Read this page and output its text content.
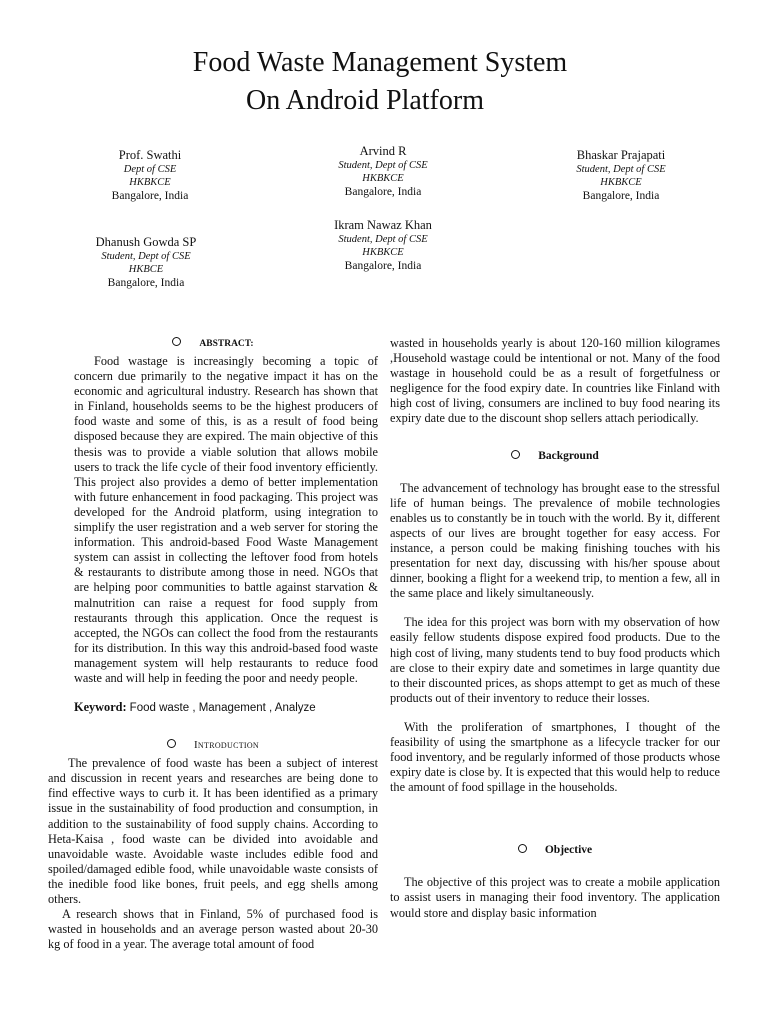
Food Waste Management System
On Android Platform
Prof. Swathi
Dept of CSE
HKBKCE
Bangalore, India
Arvind R
Student, Dept of CSE
HKBKCE
Bangalore, India
Bhaskar Prajapati
Student, Dept of CSE
HKBKCE
Bangalore, India
Ikram Nawaz Khan
Student, Dept of CSE
HKBKCE
Bangalore, India
Dhanush Gowda SP
Student, Dept of CSE
HKBCE
Bangalore, India
ABSTRACT:

Food wastage is increasingly becoming a topic of concern due primarily to the negative impact it has on the economic and agricultural industry. Research has shown that in Finland, households seems to be the highest producers of food waste and some of this, is as a result of food being disposed because they are expired. The main objective of this thesis was to provide a viable solution that allows mobile users to track the life cycle of their food inventory efficiently. This project also provides a demo of better implementation with future enhancement in food packaging. This project was developed for the Android platform, using integration to simplify the user registration and a web server for storing the information. This android-based Food Waste Management system can assist in collecting the leftover food from hotels & restaurants to distribute among those in need. NGOs that are helping poor communities to battle against starvation & malnutrition can raise a request for food supply from restaurants through this application. Once the request is accepted, the NGOs can collect the food from the restaurants for its distribution. In this way this android-based food waste management system will help restaurants to reduce food waste and will help in feeding the poor and needy people.

Keyword: Food waste , Management , Analyze

Introduction

The prevalence of food waste has been a subject of interest and discussion in recent years and researches are being done to find effective ways to curb it. It has been identified as a primary issue in the sustainability of food production and consumption, in addition to the sustainability of food supply chains. According to Heta-Kaisa , food waste can be divided into avoidable and unavoidable waste. Avoidable waste includes edible food and spoiled/damaged edible food, while unavoidable waste consists of the inedible food like bones, fruit peels, and egg shells among others.

A research shows that in Finland, 5% of purchased food is wasted in households and an average person wasted about 20-30 kg of food in a year. The average total amount of food

wasted in households yearly is about 120-160 million kilogrames ,Household wastage could be intentional or not. Many of the food wastage in household could be as a result of forgetfulness or negligence for the food expiry date. In countries like Finland with high cost of living, consumers are inclined to buy food nearing its expiry date due to the discount shop sellers attach periodically.

Background

The advancement of technology has brought ease to the stressful life of human beings. The prevalence of mobile technologies enables us to constantly be in touch with the world. By it, different aspects of our lives are brought together for easy access. For instance, a person could be making finishing touches with his presentation for next day, discussing with his/her spouse about dinner, booking a flight for a weekend trip, to mention a few, all in the same place and likely simultaneously.

The idea for this project was born with my observation of how easily fellow students dispose expired food products. Due to the high cost of living, many students tend to buy food products which are close to their expiry date and sometimes in large quantity due to their discounted prices, as shops attempt to get as much of these products out of their inventory to reduce their losses.

With the proliferation of smartphones, I thought of the feasibility of using the smartphone as a lifecycle tracker for our food inventory, and be regularly informed of those products whose expiry date is close by. It is expected that this would help to reduce the amount of food spillage in the households.

Objective

The objective of this project was to create a mobile application to assist users in managing their food inventory. The application would store and display basic information
